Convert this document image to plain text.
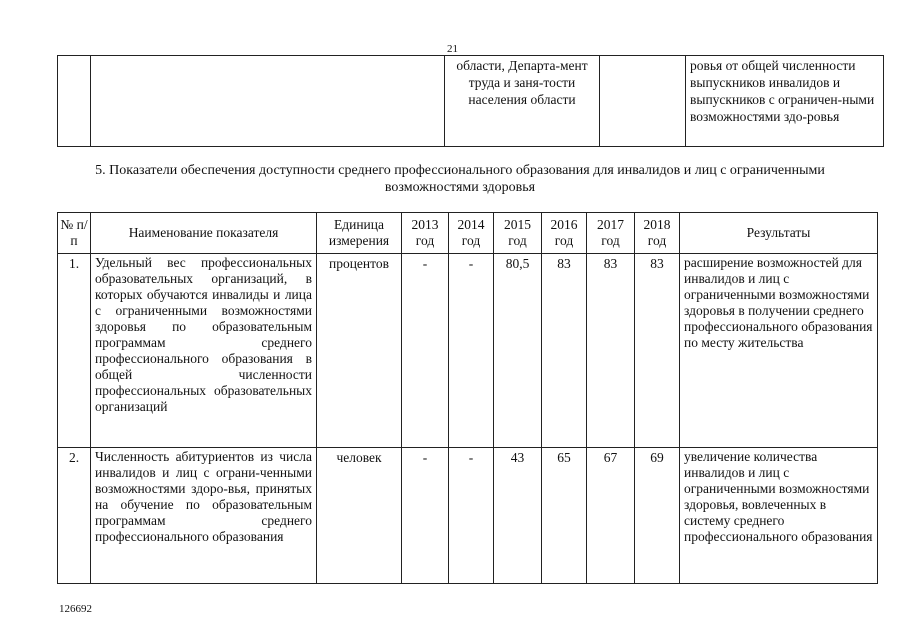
21
		области, Департа-мент труда и заня-тости населения области		ровья от общей численности выпускников инвалидов и выпускников с ограничен-ными возможностями здо-ровья
5. Показатели обеспечения доступности среднего профессионального образования для инвалидов и лиц с ограниченными возможностями здоровья
№ п/п	Наименование показателя	Единица измерения	2013 год	2014 год	2015 год	2016 год	2017 год	2018 год	Результаты
1.	Удельный вес профессиональных образовательных организаций, в которых обучаются инвалиды и лица с ограниченными возможностями здоровья по образовательным программам среднего профессионального образования в общей численности профессиональных образовательных организаций	процентов	-	-	80,5	83	83	83	расширение возможностей для инвалидов и лиц с ограниченными возможностями здоровья в получении среднего профессионального образования по месту жительства
2.	Численность абитуриентов из числа инвалидов и лиц с ограни-ченными возможностями здоро-вья, принятых на обучение по образовательным программам среднего профессионального образования	человек	-	-	43	65	67	69	увеличение количества инвалидов и лиц с ограниченными возможностями здоровья, вовлеченных в систему среднего профессионального образования
126692
